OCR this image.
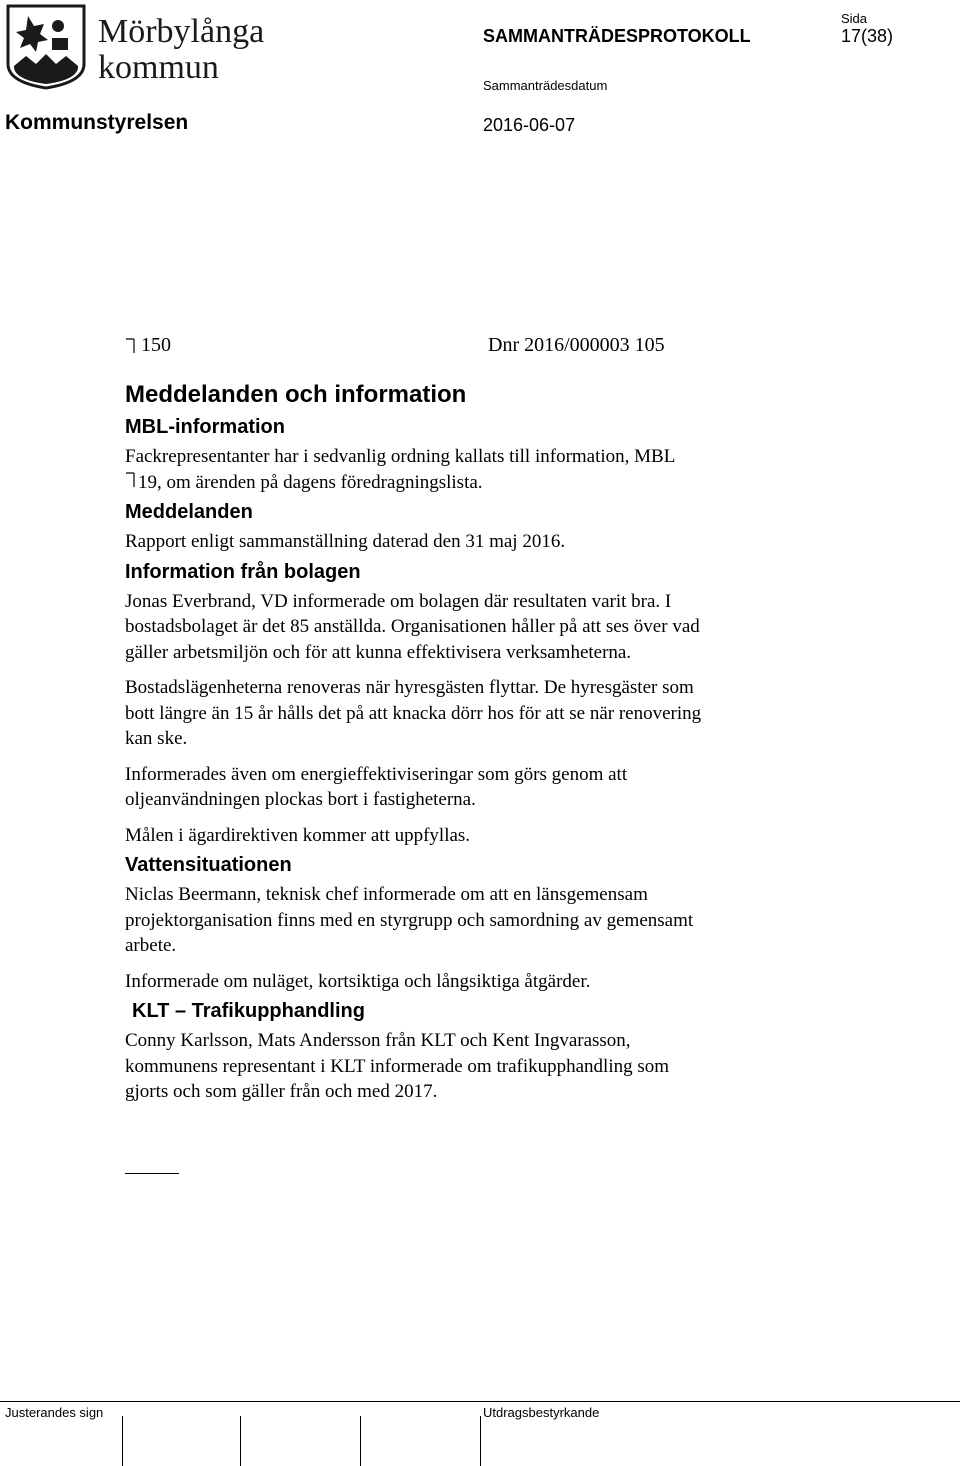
Mörbylånga
kommun
SAMMANTRÄDESPROTOKOLL
Sida
17(38)
Sammanträdesdatum
Kommunstyrelsen	2016-06-07
150	Dnr 2016/000003 105
Meddelanden och information
MBL-information
Fackrepresentanter har i sedvanlig ordning kallats till information, MBL
19, om ärenden på dagens föredragningslista.
Meddelanden
Rapport enligt sammanställning daterad den 31 maj 2016.
Information från bolagen
Jonas Everbrand, VD informerade om bolagen där resultaten varit bra. I
bostadsbolaget är det 85 anställda. Organisationen håller på att ses över vad
gäller arbetsmiljön och för att kunna effektivisera verksamheterna.
Bostadslägenheterna renoveras när hyresgästen flyttar. De hyresgäster som
bott längre än 15 år hålls det på att knacka dörr hos för att se när renovering
kan ske.
Informerades även om energieffektiviseringar som görs genom att
oljeanvändningen plockas bort i fastigheterna.
Målen i ägardirektiven kommer att uppfyllas.
Vattensituationen
Niclas Beermann, teknisk chef informerade om att en länsgemensam
projektorganisation finns med en styrgrupp och samordning av gemensamt
arbete.
Informerade om nuläget, kortsiktiga och långsiktiga åtgärder.
KLT – Trafikupphandling
Conny Karlsson, Mats Andersson från KLT och Kent Ingvarasson,
kommunens representant i KLT informerade om trafikupphandling som
gjorts och som gäller från och med 2017.
Justerandes sign	Utdragsbestyrkande
